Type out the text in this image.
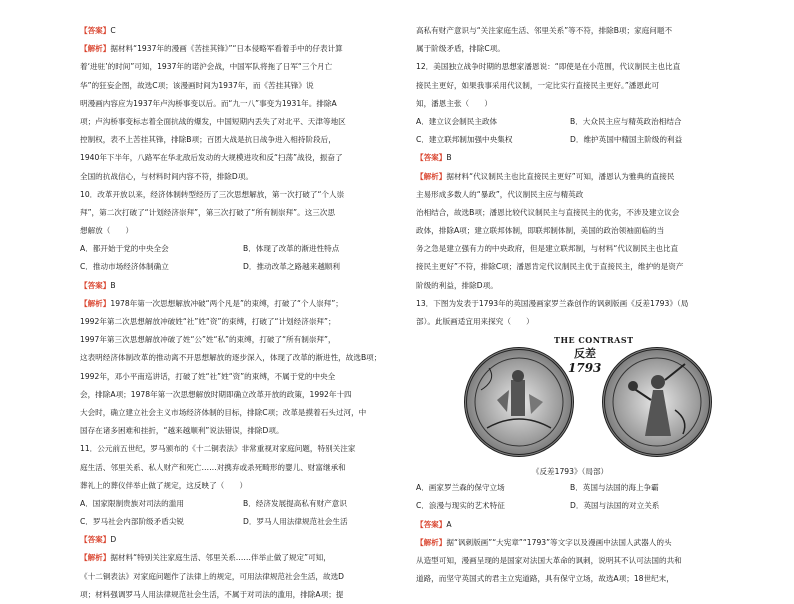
【答案】C
【解析】据材料“1937年的漫画《苦挂其锋》”“日本侵略军看着手中的仔表计算
着‘进驻’的时间”可知，1937年的诺沪会战，中国军队将拖了日军“三个月亡
华”的狂妄企图，故选C项；该漫画时间为1937年，而《苦挂其锋》说
明漫画内容应为1937年卢沟桥事变以后。而“九一八”事变为1931年。排除A
项；卢沟桥事变标志着全面抗战的爆发，中国短期内丢失了对北平、天津等地区
控制权，表不上苦挂其锋，排除B项；百团大战是抗日战争进入相持阶段后，
1940年下半年，八路军在华北敌后发动的大规模进攻和反“扫荡”战役，振奋了
全国的抗战信心，与材料时间内容不符，排除D项。
10．改革开放以来，经济体制转型经历了三次思想解放，第一次打破了“个人崇
拜”，第二次打破了“计划经济崇拜”，第三次打破了“所有制崇拜”。这三次思
想解放（　　）
A．都开始于党的中央全会	B．体现了改革的渐进性特点
C．推动市场经济体制确立	D．推动改革之路越来越顺利
【答案】B
【解析】1978年第一次思想解放冲破“两个凡是”的束缚，打破了“个人崇拜”；
1992年第二次思想解放冲破姓“社”姓“资”的束缚，打破了“计划经济崇拜”；
1997年第三次思想解放冲破了姓“公”姓“私”的束缚，打破了“所有制崇拜”，
这表明经济体制改革的推动离不开思想解放的逐步深入，体现了改革的渐进性，故选B项；
1992年，邓小平南巡讲话，打破了姓“社”姓“资”的束缚，不属于党的中央全
会，排除A项；1978年第一次思想解放时期即确立改革开放的政策，1992年十四
大会时，确立建立社会主义市场经济体制的目标，排除C项；改革是摸着石头过河，中
国存在诸多困难和挂折，“越来越顺利”说法错误，排除D项。
11．公元前五世纪，罗马颁布的《十二铜表法》非常重视对家庭问题，特别关注家
庭生活、邻里关系、私人财产和死亡……对携弃或杀死畸形的婴儿、财富继承和
葬礼上的葬仪伴举止做了规定，这反映了（　　）
A．国家限制贵族对司法的滥用	B．经济发展提高私有财产意识
C．罗马社会内部阶级矛盾尖锐	D．罗马人用法律规范社会生活
【答案】D
【解析】据材料“特别关注家庭生活、邻里关系……伴举止做了规定”可知，
《十二铜表法》对家庭问题作了法律上的规定，可用法律规范社会生活，故选D
项；材料强调罗马人用法律规范社会生活，不属于对司法的滥用，排除A项；提
高私有财产意识与“关注家庭生活、邻里关系”等不符，排除B项；家庭问题不
属于阶级矛盾，排除C项。
12．美国独立战争时期的思想家潘恩说：“即使是在小范围，代议制民主也比直
接民主更好，如果我事采用代议制，一定比实行直接民主更好。”潘恩此可
知，潘恩主张（　　）
A．建立议会制民主政体	B．大众民主应与精英政治相结合
C．建立联邦制加强中央集权	D．维护英国中精国主阶级的利益
【答案】B
【解析】据材料“代议制民主也比直接民主更好”可知，潘恩认为雅典的直接民
主易形成多数人的“暴政”，代议制民主应与精英政
治相结合，故选B项；潘恩比较代议制民主与直接民主的优劣，不涉及建立议会
政体，排除A项；建立联邦体制，即联邦制体制，美国的政治领袖面临的当
务之急是建立强有力的中央政府，但是建立联邦制，与材料“代议制民主也比直
接民主更好”不符，排除C项；潘恩肯定代议制民主优于直接民主，维护的是资产
阶级的利益，排除D项。
13．下图为发表于1793年的英国漫画家罗兰森创作的讽刺版画《反差1793》（局
部）。此版画适宜用来探究（　　）
THE CONTRAST
反差
1793
《反差1793》（局部）
A．画家罗兰森的保守立场	B．英国与法国的海上争霸
C．浪漫与现实的艺术特征	D．英国与法国的对立关系
【答案】A
【解析】据“讽刺版画”“大宪章”“1793”等文字以及漫画中法国人武器人的头
从造型可知，漫画呈现的是国家对法国大革命的讽刺，说明其不认可法国的共和
道路，而坚守英国式的君主立宪道路，具有保守立场，故选A项；18世纪末，
